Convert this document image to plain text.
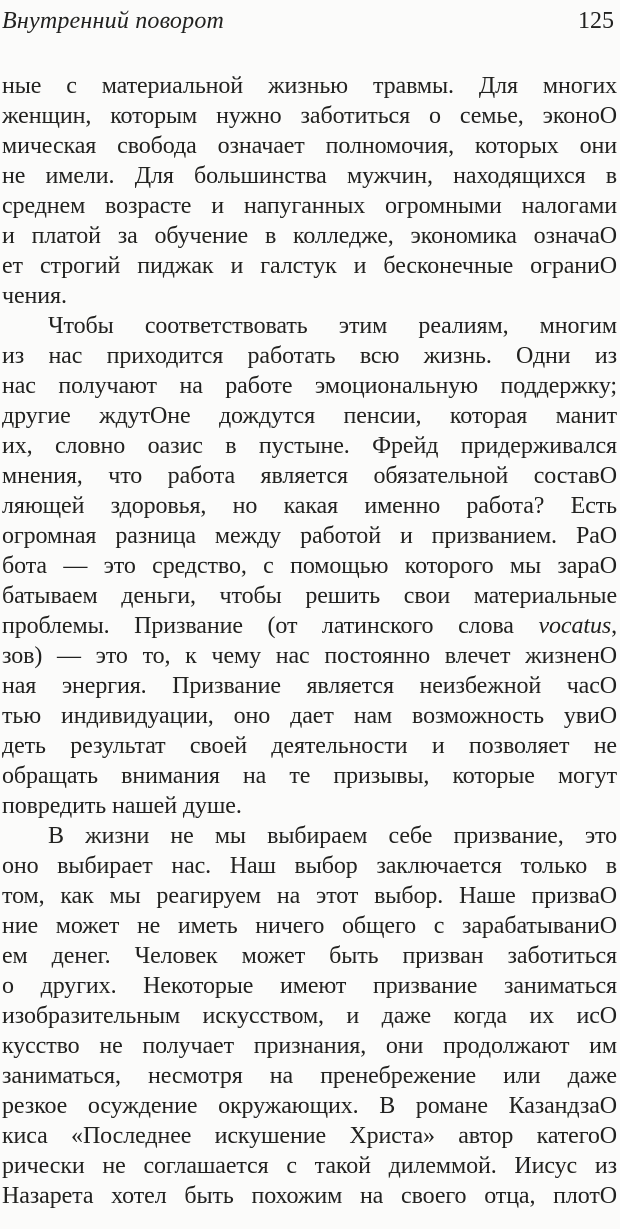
Внутренний поворот	125
ные с материальной жизнью травмы. Для многих
женщин, которым нужно заботиться о семье, эконоО
мическая свобода означает полномочия, которых они
не имели. Для большинства мужчин, находящихся в
среднем возрасте и напуганных огромными налогами
и платой за обучение в колледже, экономика означаО
ет строгий пиджак и галстук и бесконечные ограниО
чения.
Чтобы соответствовать этим реалиям, многим
из нас приходится работать всю жизнь. Одни из
нас получают на работе эмоциональную поддержку;
другие ждутОне дождутся пенсии, которая манит
их, словно оазис в пустыне. Фрейд придерживался
мнения, что работа является обязательной составО
ляющей здоровья, но какая именно работа? Есть
огромная разница между работой и призванием. РаО
бота — это средство, с помощью которого мы зараО
батываем деньги, чтобы решить свои материальные
проблемы. Призвание (от латинского слова vocatus,
зов) — это то, к чему нас постоянно влечет жизненО
ная энергия. Призвание является неизбежной часО
тью индивидуации, оно дает нам возможность увиО
деть результат своей деятельности и позволяет не
обращать внимания на те призывы, которые могут
повредить нашей душе.
В жизни не мы выбираем себе призвание, это
оно выбирает нас. Наш выбор заключается только в
том, как мы реагируем на этот выбор. Наше призваО
ние может не иметь ничего общего с зарабатываниО
ем денег. Человек может быть призван заботиться
о других. Некоторые имеют призвание заниматься
изобразительным искусством, и даже когда их исО
кусство не получает признания, они продолжают им
заниматься, несмотря на пренебрежение или даже
резкое осуждение окружающих. В романе КазандзаО
киса «Последнее искушение Христа» автор категоО
рически не соглашается с такой дилеммой. Иисус из
Назарета хотел быть похожим на своего отца, плотО
